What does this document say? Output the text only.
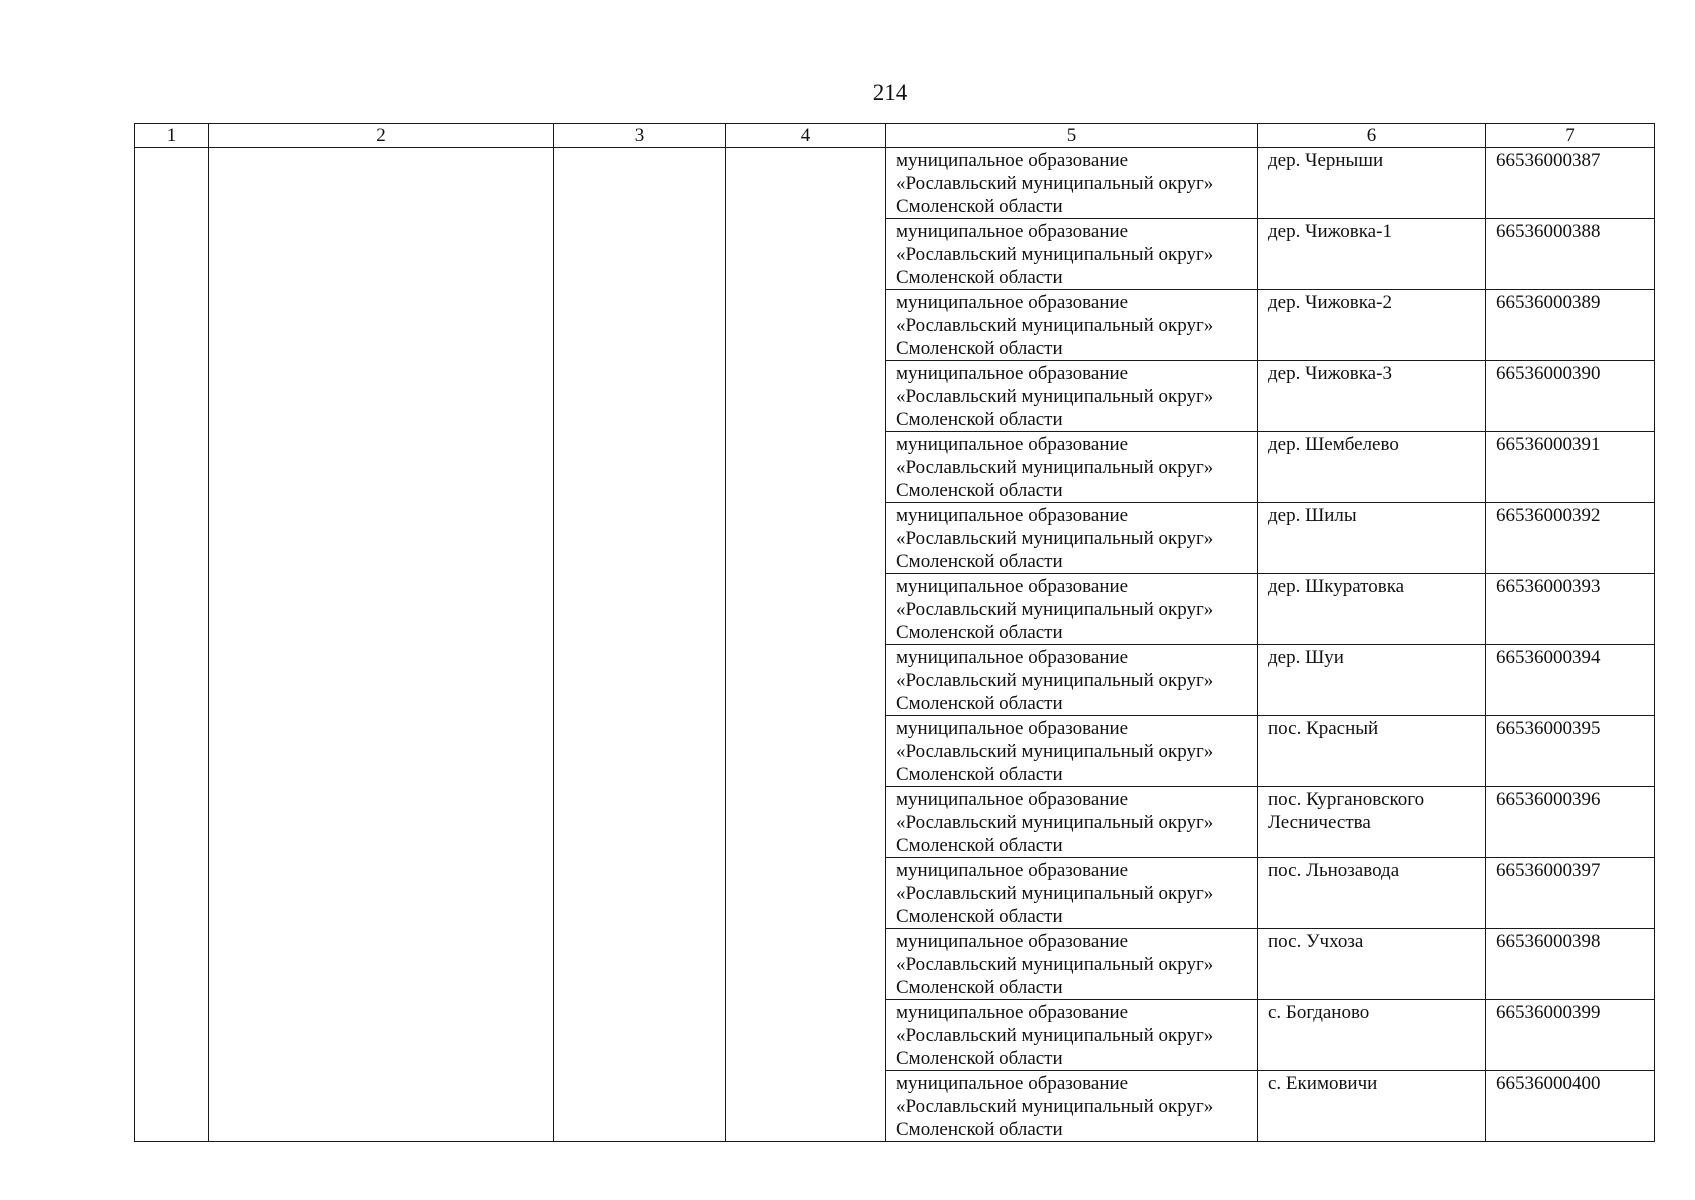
214
1	2	3	4	5	6	7
				муниципальное образование
«Рославльский муниципальный округ»
Смоленской области	дер. Черныши	66536000387
				муниципальное образование
«Рославльский муниципальный округ»
Смоленской области	дер. Чижовка-1	66536000388
				муниципальное образование
«Рославльский муниципальный округ»
Смоленской области	дер. Чижовка-2	66536000389
				муниципальное образование
«Рославльский муниципальный округ»
Смоленской области	дер. Чижовка-3	66536000390
				муниципальное образование
«Рославльский муниципальный округ»
Смоленской области	дер. Шембелево	66536000391
				муниципальное образование
«Рославльский муниципальный округ»
Смоленской области	дер. Шилы	66536000392
				муниципальное образование
«Рославльский муниципальный округ»
Смоленской области	дер. Шкуратовка	66536000393
				муниципальное образование
«Рославльский муниципальный округ»
Смоленской области	дер. Шуи	66536000394
				муниципальное образование
«Рославльский муниципальный округ»
Смоленской области	пос. Красный	66536000395
				муниципальное образование
«Рославльский муниципальный округ»
Смоленской области	пос. Кургановского
Лесничества	66536000396
				муниципальное образование
«Рославльский муниципальный округ»
Смоленской области	пос. Льнозавода	66536000397
				муниципальное образование
«Рославльский муниципальный округ»
Смоленской области	пос. Учхоза	66536000398
				муниципальное образование
«Рославльский муниципальный округ»
Смоленской области	с. Богданово	66536000399
				муниципальное образование
«Рославльский муниципальный округ»
Смоленской области	с. Екимовичи	66536000400
